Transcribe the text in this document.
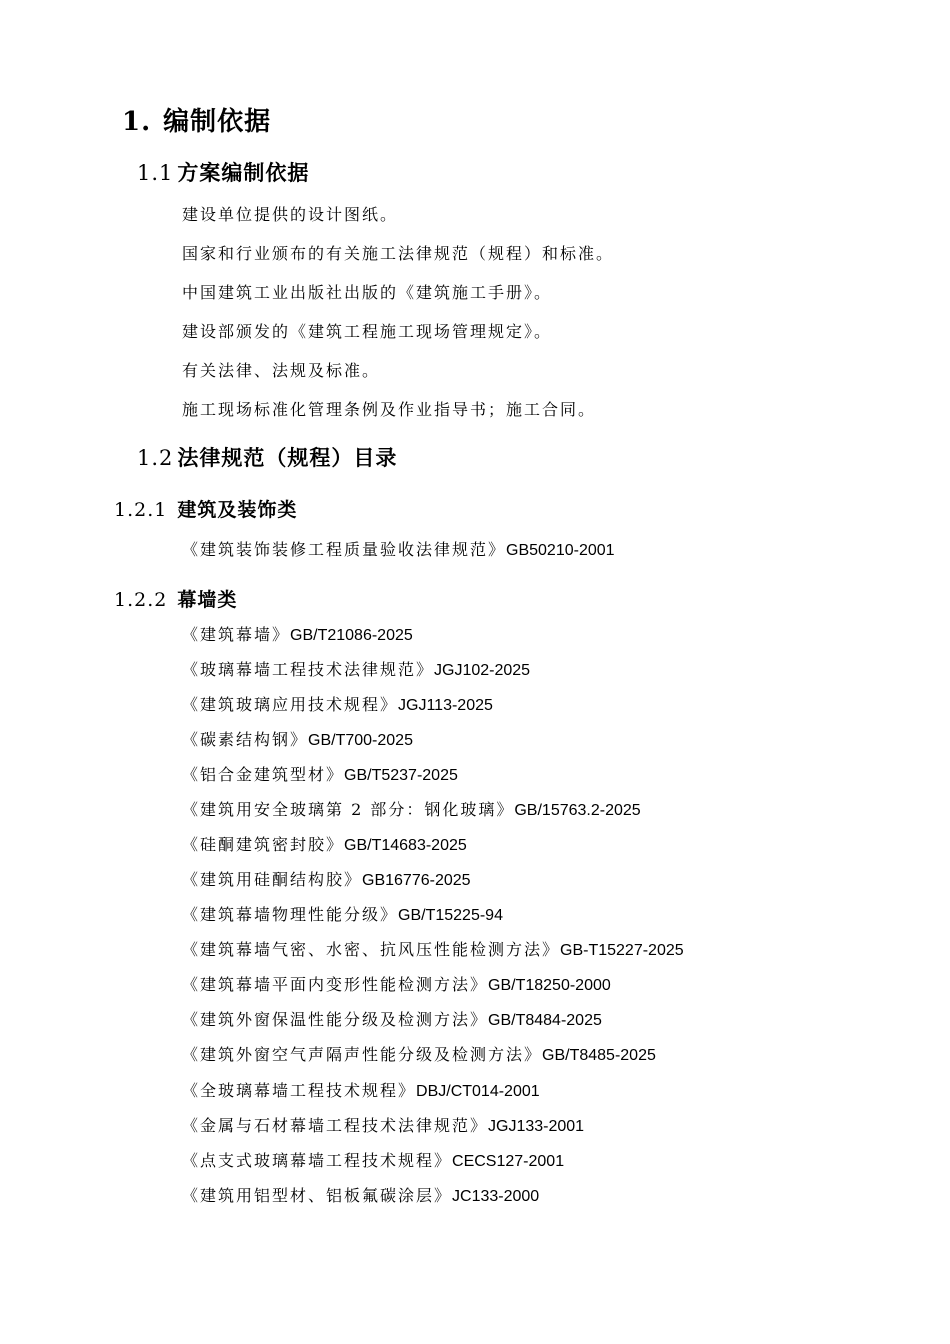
1. 编制依据
1.1 方案编制依据
建设单位提供的设计图纸。
国家和行业颁布的有关施工法律规范（规程）和标准。
中国建筑工业出版社出版的《建筑施工手册》。
建设部颁发的《建筑工程施工现场管理规定》。
有关法律、法规及标准。
施工现场标准化管理条例及作业指导书；施工合同。
1.2 法律规范（规程）目录
1.2.1 建筑及装饰类
《建筑装饰装修工程质量验收法律规范》GB50210-2001
1.2.2 幕墙类
《建筑幕墙》GB/T21086-2025
《玻璃幕墙工程技术法律规范》JGJ102-2025
《建筑玻璃应用技术规程》JGJ113-2025
《碳素结构钢》GB/T700-2025
《铝合金建筑型材》GB/T5237-2025
《建筑用安全玻璃第 2 部分：钢化玻璃》GB/15763.2-2025
《硅酮建筑密封胶》GB/T14683-2025
《建筑用硅酮结构胶》GB16776-2025
《建筑幕墙物理性能分级》GB/T15225-94
《建筑幕墙气密、水密、抗风压性能检测方法》GB-T15227-2025
《建筑幕墙平面内变形性能检测方法》GB/T18250-2000
《建筑外窗保温性能分级及检测方法》GB/T8484-2025
《建筑外窗空气声隔声性能分级及检测方法》GB/T8485-2025
《全玻璃幕墙工程技术规程》DBJ/CT014-2001
《金属与石材幕墙工程技术法律规范》JGJ133-2001
《点支式玻璃幕墙工程技术规程》CECS127-2001
《建筑用铝型材、铝板氟碳涂层》JC133-2000
